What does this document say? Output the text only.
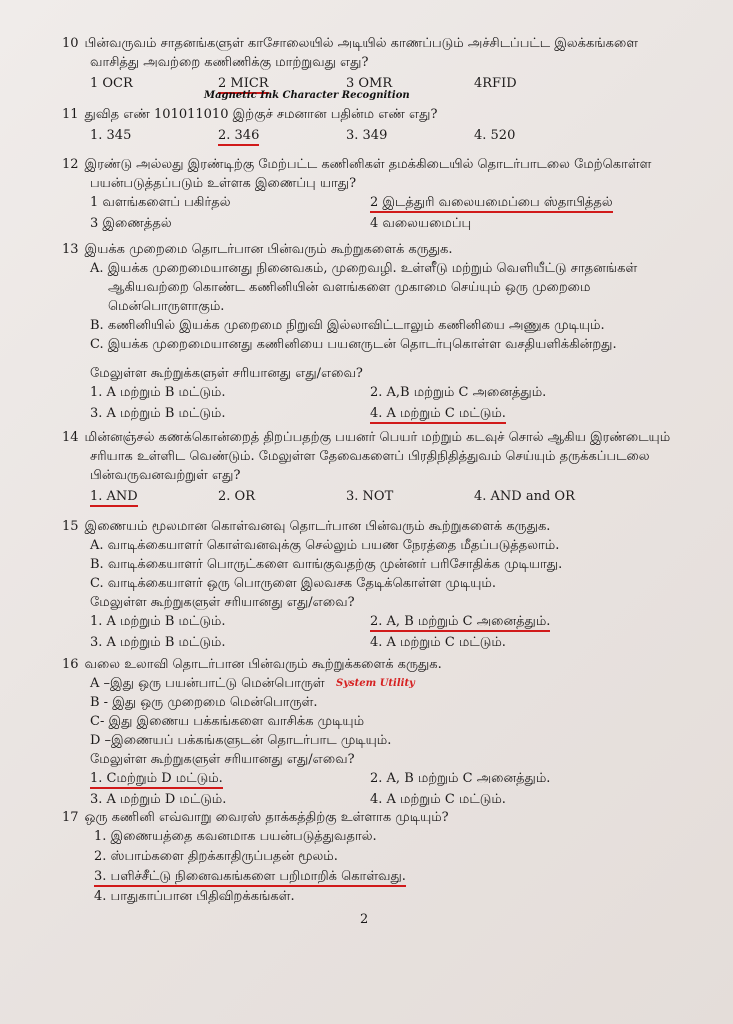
10 பின்வருவம் சாதனங்களுள் காசோலையில் அடியில் காணப்படும் அச்சிடப்பட்ட இலக்கங்களை
வாசித்து அவற்றை கணிணிக்கு மாற்றுவது எது?
1 OCR	2 MICR	3 OMR	4RFID
Magnetic Ink Character Recognition
11 துவித எண் 101011010 இற்குச் சமனான பதின்ம எண் எது?
1. 345	2. 346	3. 349	4. 520
12 இரண்டு அல்லது இரண்டிற்கு மேற்பட்ட கணினிகள் தமக்கிடையில் தொடர்பாடலை மேற்கொள்ள
பயன்படுத்தப்படும் உள்ளக இணைப்பு யாது?
1 வளங்களைப் பகிர்தல்	2 இடத்துரி வலையமைப்பை ஸ்தாபித்தல்
3 இணைத்தல்	4 வலையமைப்பு
13 இயக்க முறைமை தொடர்பான பின்வரும் கூற்றுகளைக் கருதுக.
A. இயக்க முறைமையானது நினைவகம், முறைவழி. உள்ளீடு மற்றும் வெளியீட்டு சாதனங்கள் ஆகியவற்றை கொண்ட கணினியின் வளங்களை முகாமை செய்யும் ஒரு முறைமை மென்பொருளாகும்.
B. கணினியில் இயக்க முறைமை நிறுவி இல்லாவிட்டாலும் கணினியை அணுக முடியும்.
C. இயக்க முறைமையானது கணினியை பயனருடன் தொடர்புகொள்ள வசதியளிக்கின்றது.
மேலுள்ள கூற்றுக்களுள் சரியானது எது/எவை?
1. A மற்றும் B மட்டும்.	2. A,B மற்றும் C அனைத்தும்.
3. A மற்றும் B மட்டும்.	4. A மற்றும் C மட்டும்.
14 மின்னஞ்சல் கணக்கொன்றைத் திறப்பதற்கு பயனர் பெயர் மற்றும் கடவுச் சொல் ஆகிய இரண்டையும்
சரியாக உள்ளிட வெண்டும். மேலுள்ள தேவைகளைப் பிரதிநிதித்துவம் செய்யும் தருக்கப்படலை
பின்வருவனவற்றுள் எது?
1. AND	2. OR	3. NOT	4. AND and OR
15 இணையம் மூலமான கொள்வனவு தொடர்பான பின்வரும் கூற்றுகளைக் கருதுக.
A. வாடிக்கையாளர் கொள்வனவுக்கு செல்லும் பயண நேரத்தை மீதப்படுத்தலாம்.
B. வாடிக்கையாளர் பொருட்களை வாங்குவதற்கு முன்னர் பரிசோதிக்க முடியாது.
C. வாடிக்கையாளர் ஒரு பொருளை இலவசக தேடிக்கொள்ள முடியும்.
மேலுள்ள கூற்றுகளுள் சரியானது எது/எவை?
1. A மற்றும் B மட்டும்.	2. A, B மற்றும் C அனைத்தும்.
3. A மற்றும் B மட்டும்.	4. A மற்றும் C மட்டும்.
16 வலை உலாவி தொடர்பான பின்வரும் கூற்றுக்களைக் கருதுக.
A –இது ஒரு பயன்பாட்டு மென்பொருள்
B - இது ஒரு முறைமை மென்பொருள்.
C- இது இணைய பக்கங்களை வாசிக்க முடியும்
D –இணையப் பக்கங்களுடன் தொடர்பாட முடியும்.
மேலுள்ள கூற்றுகளுள் சரியானது எது/எவை?
1. Cமற்றும் D மட்டும்.	2. A, B மற்றும் C அனைத்தும்.
3. A மற்றும் D மட்டும்.	4. A மற்றும் C மட்டும்.
System Utility
17 ஒரு கணினி எவ்வாறு வைரஸ் தாக்கத்திற்கு உள்ளாக முடியும்?
1. இணையத்தை கவனமாக பயன்படுத்துவதால்.
2. ஸ்பாம்களை திறக்காதிருப்பதன் மூலம்.
3. பளிச்சீட்டு நினைவகங்களை பறிமாறிக் கொள்வது.
4. பாதுகாப்பான பிதிவிறக்கங்கள்.
2
